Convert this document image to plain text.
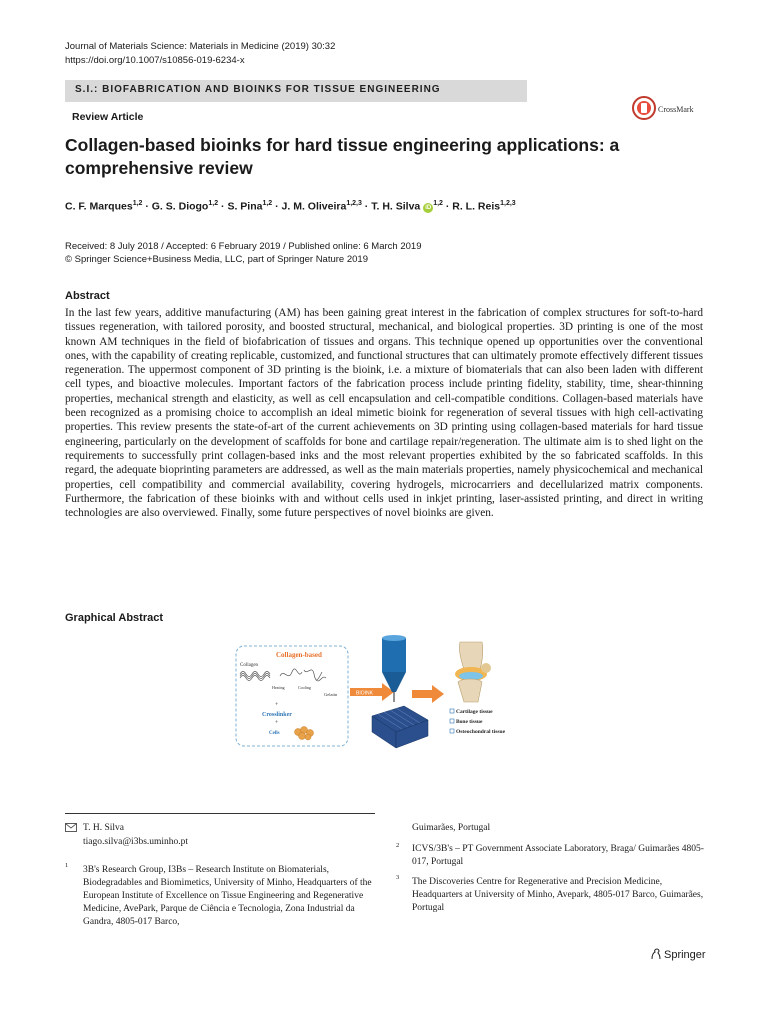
Journal of Materials Science: Materials in Medicine (2019) 30:32
https://doi.org/10.1007/s10856-019-6234-x
S.I.: BIOFABRICATION AND BIOINKS FOR TISSUE ENGINEERING
Review Article
CrossMark
Collagen-based bioinks for hard tissue engineering applications: a comprehensive review
C. F. Marques$^{1,2}$ · G. S. Diogo$^{1,2}$ · S. Pina$^{1,2}$ · J. M. Oliveira$^{1,2,3}$ · T. H. Silva iD$^{1,2}$ · R. L. Reis$^{1,2,3}$
Received: 8 July 2018 / Accepted: 6 February 2019 / Published online: 6 March 2019
© Springer Science+Business Media, LLC, part of Springer Nature 2019
Abstract
In the last few years, additive manufacturing (AM) has been gaining great interest in the fabrication of complex structures for soft-to-hard tissues regeneration, with tailored porosity, and boosted structural, mechanical, and biological properties. 3D printing is one of the most known AM techniques in the field of biofabrication of tissues and organs. This technique opened up opportunities over the conventional ones, with the capability of creating replicable, customized, and functional structures that can ultimately promote effectively different tissues regeneration. The uppermost component of 3D printing is the bioink, i.e. a mixture of biomaterials that can also been laden with different cell types, and bioactive molecules. Important factors of the fabrication process include printing fidelity, stability, time, shear-thinning properties, mechanical strength and elasticity, as well as cell encapsulation and cell-compatible conditions. Collagen-based materials have been recognized as a promising choice to accomplish an ideal mimetic bioink for regeneration of several tissues with high cell-activating properties. This review presents the state-of-art of the current achievements on 3D printing using collagen-based materials for hard tissue engineering, particularly on the development of scaffolds for bone and cartilage repair/regeneration. The ultimate aim is to shed light on the requirements to successfully print collagen-based inks and the most relevant properties exhibited by the so fabricated scaffolds. In this regard, the adequate bioprinting parameters are addressed, as well as the main materials properties, namely physicochemical and mechanical properties, cell compatibility and commercial availability, covering hydrogels, microcarriers and decellularized matrix components. Furthermore, the fabrication of these bioinks with and without cells used in inkjet printing, laser-assisted printing, and direct in writing technologies are also overviewed. Finally, some future perspectives of novel bioinks are given.
Graphical Abstract
Collagen-based
Collagen
Heating	Cooling
Gelatin
+
Crosslinker
+
Cells
BIOINK
Cartilage tissue
Bone tissue
Osteochondral tissue
T. H. Silva
tiago.silva@i3bs.uminho.pt
1 3B's Research Group, I3Bs – Research Institute on Biomaterials, Biodegradables and Biomimetics, University of Minho, Headquarters of the European Institute of Excellence on Tissue Engineering and Regenerative Medicine, AvePark, Parque de Ciência e Tecnologia, Zona Industrial da Gandra, 4805-017 Barco,
Guimarães, Portugal
2 ICVS/3B's – PT Government Associate Laboratory, Braga/ Guimarães 4805-017, Portugal
3 The Discoveries Centre for Regenerative and Precision Medicine, Headquarters at University of Minho, Avepark, 4805-017 Barco, Guimarães, Portugal
Springer
